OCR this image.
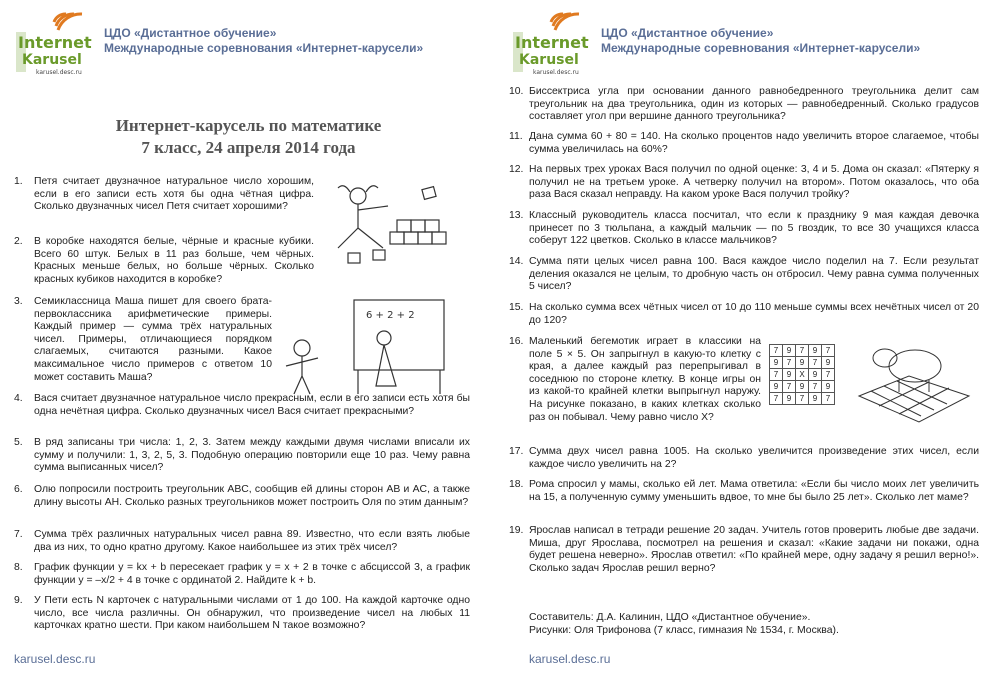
Internet
Karusel
karusel.desc.ru
ЦДО «Дистантное обучение»
Международные соревнования «Интернет-карусели»
Интернет-карусель по математике
7 класс, 24 апреля 2014 года
1.	Петя считает двузначное натуральное число хорошим, если в его записи есть хотя бы одна чётная цифра. Сколько двузначных чисел Петя считает хорошими?
2.	В коробке находятся белые, чёрные и красные кубики. Всего 60 штук. Белых в 11 раз больше, чем чёрных. Красных меньше белых, но больше чёрных. Сколько красных кубиков находится в коробке?
3.	Семиклассница Маша пишет для своего брата-первоклассника арифметические примеры. Каждый пример — сумма трёх натуральных чисел. Примеры, отличающиеся порядком слагаемых, считаются разными. Какое максимальное число примеров с ответом 10 может составить Маша?
4.	Вася считает двузначное натуральное число прекрасным, если в его записи есть хотя бы одна нечётная цифра. Сколько двузначных чисел Вася считает прекрасными?
5.	В ряд записаны три числа: 1, 2, 3. Затем между каждыми двумя числами вписали их сумму и получили: 1, 3, 2, 5, 3. Подобную операцию повторили еще 10 раз. Чему равна сумма выписанных чисел?
6.	Олю попросили построить треугольник ABC, сообщив ей длины сторон AB и AC, а также длину высоты AH. Сколько разных треугольников может построить Оля по этим данным?
7.	Сумма трёх различных натуральных чисел равна 89. Известно, что если взять любые два из них, то одно кратно другому. Какое наибольшее из этих трёх чисел?
8.	График функции y = kx + b пересекает график y = x + 2 в точке с абсциссой 3, а график функции y = –x/2 + 4 в точке с ординатой 2. Найдите k + b.
9.	У Пети есть N карточек с натуральными числами от 1 до 100. На каждой карточке одно число, все числа различны. Он обнаружил, что произведение чисел на любых 11 карточках кратно шести. При каком наибольшем N такое возможно?
6 + 2 + 2
karusel.desc.ru
Internet
Karusel
karusel.desc.ru
ЦДО «Дистантное обучение»
Международные соревнования «Интернет-карусели»
10. Биссектриса угла при основании данного равнобедренного треугольника делит сам треугольник на два треугольника, один из которых — равнобедренный. Сколько градусов составляет угол при вершине данного треугольника?
11. Дана сумма 60 + 80 = 140. На сколько процентов надо увеличить второе слагаемое, чтобы сумма увеличилась на 60%?
12. На первых трех уроках Вася получил по одной оценке: 3, 4 и 5. Дома он сказал: «Пятерку я получил не на третьем уроке. А четверку получил на втором». Потом оказалось, что оба раза Вася сказал неправду. На каком уроке Вася получил тройку?
13. Классный руководитель класса посчитал, что если к празднику 9 мая каждая девочка принесет по 3 тюльпана, а каждый мальчик — по 5 гвоздик, то все 30 учащихся класса соберут 122 цветков. Сколько в классе мальчиков?
14. Сумма пяти целых чисел равна 100. Вася каждое число поделил на 7. Если результат деления оказался не целым, то дробную часть он отбросил. Чему равна сумма полученных 5 чисел?
15. На сколько сумма всех чётных чисел от 10 до 110 меньше суммы всех нечётных чисел от 20 до 120?
16. Маленький бегемотик играет в классики на поле 5 × 5. Он запрыгнул в какую-то клетку с края, а далее каждый раз перепрыгивал в соседнюю по стороне клетку. В конце игры он из какой-то крайней клетки выпрыгнул наружу. На рисунке показано, в каких клетках сколько раз он побывал. Чему равно число X?
7	9	7	9	7
9	7	9	7	9
7	9	X	9	7
9	7	9	7	9
7	9	7	9	7
17. Сумма двух чисел равна 1005. На сколько увеличится произведение этих чисел, если каждое число увеличить на 2?
18. Рома спросил у мамы, сколько ей лет. Мама ответила: «Если бы число моих лет увеличить на 15, а полученную сумму уменьшить вдвое, то мне бы было 25 лет». Сколько лет маме?
19. Ярослав написал в тетради решение 20 задач. Учитель готов проверить любые две задачи. Миша, друг Ярослава, посмотрел на решения и сказал: «Какие задачи ни покажи, одна будет решена неверно». Ярослав ответил: «По крайней мере, одну задачу я решил верно!». Сколько задач Ярослав решил верно?
Составитель: Д.А. Калинин, ЦДО «Дистантное обучение».
Рисунки: Оля Трифонова (7 класс, гимназия № 1534, г. Москва).
karusel.desc.ru
